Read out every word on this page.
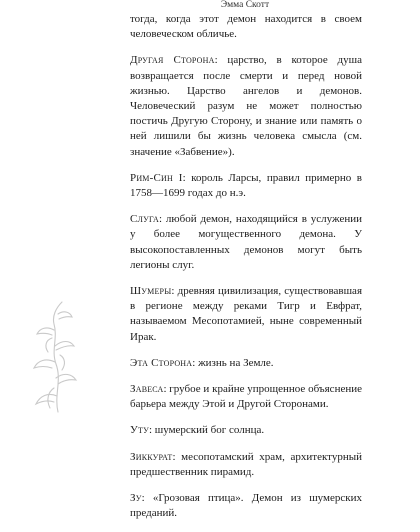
Эмма Скотт

тогда, когда этот демон находится в своем человеческом обличье.

Другая Сторона: царство, в которое душа возвращается после смерти и перед новой жизнью. Царство ангелов и демонов. Человеческий разум не может полностью постичь Другую Сторону, и знание или память о ней лишили бы жизнь человека смысла (см. значение «Забвение»).

Рим-Син I: король Ларсы, правил примерно в 1758—1699 годах до н.э.

Слуга: любой демон, находящийся в услужении у более могущественного демона. У высокопоставленных демонов могут быть легионы слуг.

Шумеры: древняя цивилизация, существовавшая в регионе между реками Тигр и Евфрат, называемом Месопотамией, ныне современный Ирак.

Эта Сторона: жизнь на Земле.

Завеса: грубое и крайне упрощенное объяснение барьера между Этой и Другой Сторонами.

Уту: шумерский бог солнца.

Зиккурат: месопотамский храм, архитектурный предшественник пирамид.

Зу: «Грозовая птица». Демон из шумерских преданий.
